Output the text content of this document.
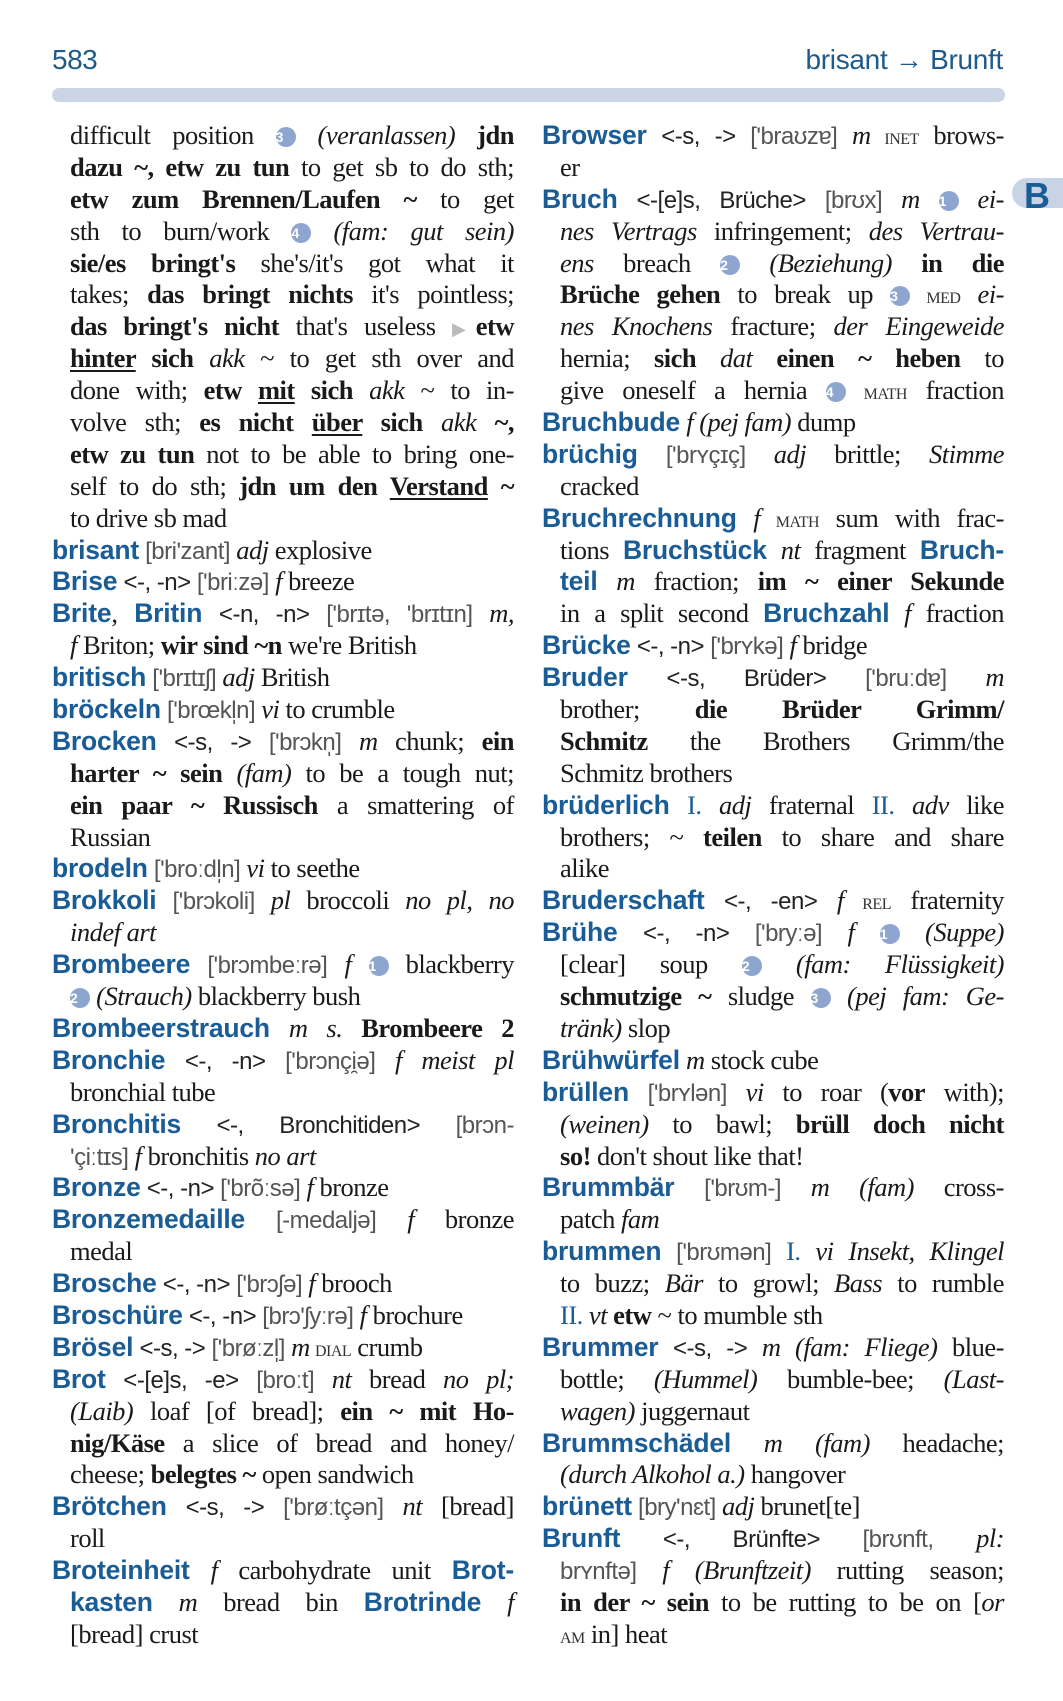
583	brisant → Brunft
B
difficult position 3 (veranlassen) jdn
dazu ~, etw zu tun to get sb to do sth;
etw zum Brennen/Laufen ~ to get
sth to burn/work 4 (fam: gut sein)
sie/es bringt's she's/it's got what it
takes; das bringt nichts it's pointless;
das bringt's nicht that's useless ▶etw
hinter sich akk ~ to get sth over and
done with; etw mit sich akk ~ to in-
volve sth; es nicht über sich akk ~,
etw zu tun not to be able to bring one-
self to do sth; jdn um den Verstand ~
to drive sb mad
brisant [bri'zant] adj explosive
Brise <-, -n> ['briːzə] f breeze
Brite, Britin <-n, -n> ['brɪtə, 'brɪtɪn] m,
f Briton; wir sind ~n we're British
britisch ['brɪtɪʃ] adj British
bröckeln ['brœkl̩n] vi to crumble
Brocken <-s, -> ['brɔkn̩] m chunk; ein
harter ~ sein (fam) to be a tough nut;
ein paar ~ Russisch a smattering of
Russian
brodeln ['broːdl̩n] vi to seethe
Brokkoli ['brɔkoli] pl broccoli no pl, no
indef art
Brombeere ['brɔmbeːrə] f 1 blackberry
2 (Strauch) blackberry bush
Brombeerstrauch m s. Brombeere 2
Bronchie <-, -n> ['brɔnçi̯ə] f meist pl
bronchial tube
Bronchitis <-, Bronchitiden> [brɔn-
'çiːtɪs] f bronchitis no art
Bronze <-, -n> ['brõːsə] f bronze
Bronzemedaille [-medaljə] f bronze
medal
Brosche <-, -n> ['brɔʃə] f brooch
Broschüre <-, -n> [brɔ'ʃyːrə] f brochure
Brösel <-s, -> ['brøːzl̩] m dial crumb
Brot <-[e]s, -e> [broːt] nt bread no pl;
(Laib) loaf [of bread]; ein ~ mit Ho-
nig/Käse a slice of bread and honey/
cheese; belegtes ~ open sandwich
Brötchen <-s, -> ['brøːtçən] nt [bread]
roll
Broteinheit f carbohydrate unit Brot-
kasten m bread bin Brotrinde f
[bread] crust
Browser <-s, -> ['braʊzɐ] m inet brows-
er
Bruch <-[e]s, Brüche> [brʊx] m 1 ei-
nes Vertrags infringement; des Vertrau-
ens breach 2 (Beziehung) in die
Brüche gehen to break up 3 med ei-
nes Knochens fracture; der Eingeweide
hernia; sich dat einen ~ heben to
give oneself a hernia 4 math fraction
Bruchbude f (pej fam) dump
brüchig ['brʏçɪç] adj brittle; Stimme
cracked
Bruchrechnung f math sum with frac-
tions Bruchstück nt fragment Bruch-
teil m fraction; im ~ einer Sekunde
in a split second Bruchzahl f fraction
Brücke <-, -n> ['brʏkə] f bridge
Bruder <-s, Brüder> ['bruːdɐ] m
brother; die Brüder Grimm/
Schmitz the Brothers Grimm/the
Schmitz brothers
brüderlich I. adj fraternal II. adv like
brothers; ~ teilen to share and share
alike
Bruderschaft <-, -en> f rel fraternity
Brühe <-, -n> ['bryːə] f 1 (Suppe)
[clear] soup 2 (fam: Flüssigkeit)
schmutzige ~ sludge 3 (pej fam: Ge-
tränk) slop
Brühwürfel m stock cube
brüllen ['brʏlən] vi to roar (vor with);
(weinen) to bawl; brüll doch nicht
so! don't shout like that!
Brummbär ['brʊm-] m (fam) cross-
patch fam
brummen ['brʊmən] I. vi Insekt, Klingel
to buzz; Bär to growl; Bass to rumble
II. vt etw ~ to mumble sth
Brummer <-s, -> m (fam: Fliege) blue-
bottle; (Hummel) bumble-bee; (Last-
wagen) juggernaut
Brummschädel m (fam) headache;
(durch Alkohol a.) hangover
brünett [bry'nɛt] adj brunet[te]
Brunft <-, Brünfte> [brʊnft, pl:
brʏnftə] f (Brunftzeit) rutting season;
in der ~ sein to be rutting to be on [or
am in] heat
